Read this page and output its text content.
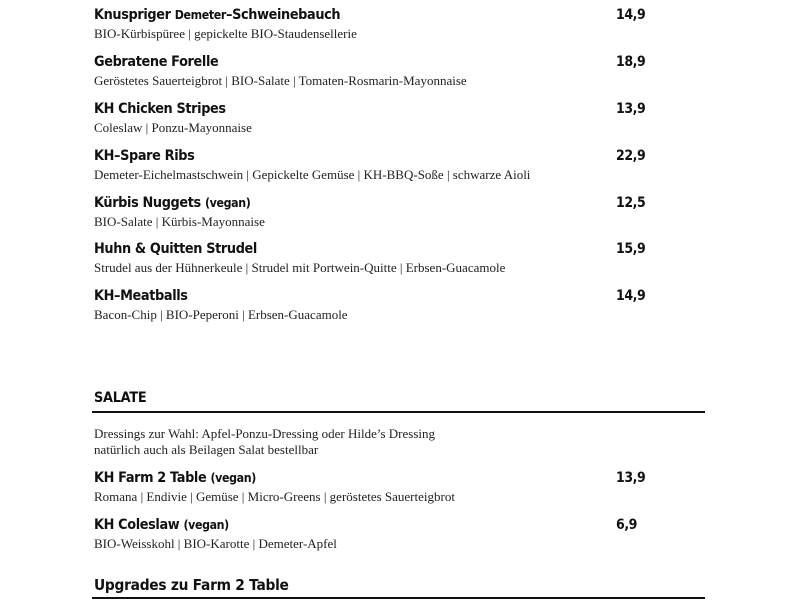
Knuspriger Demeter–Schweinebauch
BIO-Kürbispüree | gepickelte BIO-Staudensellerie
14,9
Gebratene Forelle
Geröstetes Sauerteigbrot | BIO-Salate | Tomaten-Rosmarin-Mayonnaise
18,9
KH Chicken Stripes
Coleslaw | Ponzu-Mayonnaise
13,9
KH–Spare Ribs
Demeter-Eichelmastschwein | Gepickelte Gemüse | KH-BBQ-Soße | schwarze Aioli
22,9
Kürbis Nuggets (vegan)
BIO-Salate | Kürbis-Mayonnaise
12,5
Huhn & Quitten Strudel
Strudel aus der Hühnerkeule | Strudel mit Portwein-Quitte | Erbsen-Guacamole
15,9
KH–Meatballs
Bacon-Chip | BIO-Peperoni | Erbsen-Guacamole
14,9
SALATE
Dressings zur Wahl: Apfel-Ponzu-Dressing oder Hilde’s Dressing
natürlich auch als Beilagen Salat bestellbar
KH Farm 2 Table (vegan)
Romana | Endivie | Gemüse | Micro-Greens | geröstetes Sauerteigbrot
13,9
KH Coleslaw (vegan)
BIO-Weisskohl | BIO-Karotte | Demeter-Apfel
6,9
Upgrades zu Farm 2 Table
